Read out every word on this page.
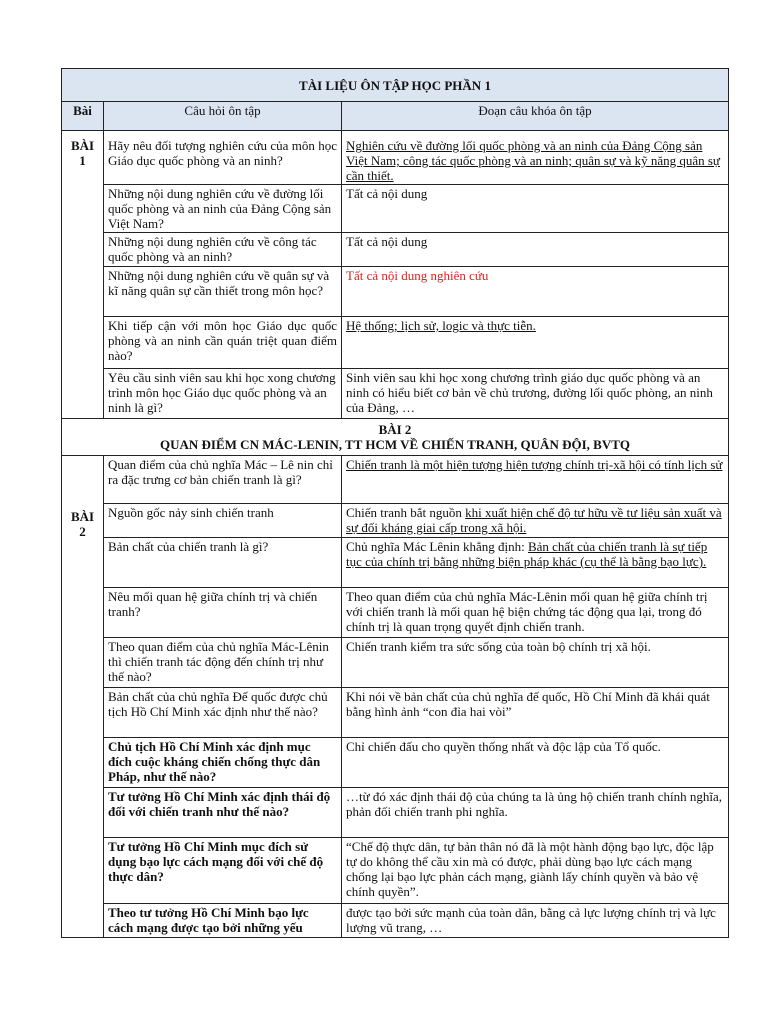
TÀI LIỆU ÔN TẬP HỌC PHẦN 1		
Bài	Câu hỏi ôn tập	Đoạn câu khóa ôn tập

BÀI
1	Hãy nêu đối tượng nghiên cứu của môn học Giáo dục quốc phòng và an ninh?	Nghiên cứu về đường lối quốc phòng và an ninh của Đảng Cộng sản Việt Nam; công tác quốc phòng và an ninh; quân sự và kỹ năng quân sự cần thiết.
	Những nội dung nghiên cứu về đường lối quốc phòng và an ninh của Đảng Cộng sản Việt Nam?	Tất cả nội dung
	Những nội dung nghiên cứu về công tác quốc phòng và an ninh?	Tất cả nội dung
	Những nội dung nghiên cứu về quân sự và kĩ năng quân sự cần thiết trong môn học?	Tất cả nội dung nghiên cứu
	Khi tiếp cận với môn học Giáo dục quốc phòng và an ninh cần quán triệt quan điểm nào?	Hệ thống; lịch sử, logic và thực tiễn.
	Yêu cầu sinh viên sau khi học xong chương trình môn học Giáo dục quốc phòng và an ninh là gì?	Sinh viên sau khi học xong chương trình giáo dục quốc phòng và an ninh có hiểu biết cơ bản về chủ trương, đường lối quốc phòng, an ninh của Đảng, …

BÀI 2
QUAN ĐIỂM CN MÁC-LENIN, TT HCM VỀ CHIẾN TRANH, QUÂN ĐỘI, BVTQ		

BÀI
2	Quan điểm của chủ nghĩa Mác – Lê nin chỉ ra đặc trưng cơ bản chiến tranh là gì?	Chiến tranh là một hiện tượng hiện tượng chính trị-xã hội có tính lịch sử
	Nguồn gốc nảy sinh chiến tranh	Chiến tranh bắt nguồn khi xuất hiện chế độ tư hữu về tư liệu sản xuất và sự đối kháng giai cấp trong xã hội.
	Bản chất của chiến tranh là gì?	Chủ nghĩa Mác Lênin khẳng định: Bản chất của chiến tranh là sự tiếp tục của chính trị bằng những biện pháp khác (cụ thể là bằng bạo lực).
	Nêu mối quan hệ giữa chính trị và chiến tranh?	Theo quan điểm của chủ nghĩa Mác-Lênin mối quan hệ giữa chính trị với chiến tranh là mối quan hệ biện chứng tác động qua lại, trong đó chính trị là quan trọng quyết định chiến tranh.
	Theo quan điểm của chủ nghĩa Mác-Lênin thì chiến tranh tác động đến chính trị như thế nào?	Chiến tranh kiểm tra sức sống của toàn bộ chính trị xã hội.
	Bản chất của chủ nghĩa Đế quốc được chủ tịch Hồ Chí Minh xác định như thế nào?	Khi nói về bản chất của chủ nghĩa đế quốc, Hồ Chí Minh đã khái quát bằng hình ảnh “con đỉa hai vòi”
	Chủ tịch Hồ Chí Minh xác định mục đích cuộc kháng chiến chống thực dân Pháp, như thế nào?	Chỉ chiến đấu cho quyền thống nhất và độc lập của Tổ quốc.
	Tư tưởng Hồ Chí Minh xác định thái độ đối với chiến tranh như thế nào?	…từ đó xác định thái độ của chúng ta là ủng hộ chiến tranh chính nghĩa, phản đối chiến tranh phi nghĩa.
	Tư tưởng Hồ Chí Minh mục đích sử dụng bạo lực cách mạng đối với chế độ thực dân?	“Chế độ thực dân, tự bản thân nó đã là một hành động bạo lực, độc lập tự do không thể cầu xin mà có được, phải dùng bạo lực cách mạng chống lại bạo lực phản cách mạng, giành lấy chính quyền và bảo vệ chính quyền”.
	Theo tư tưởng Hồ Chí Minh bạo lực cách mạng được tạo bởi những yếu	được tạo bởi sức mạnh của toàn dân, bằng cả lực lượng chính trị và lực lượng vũ trang, …
